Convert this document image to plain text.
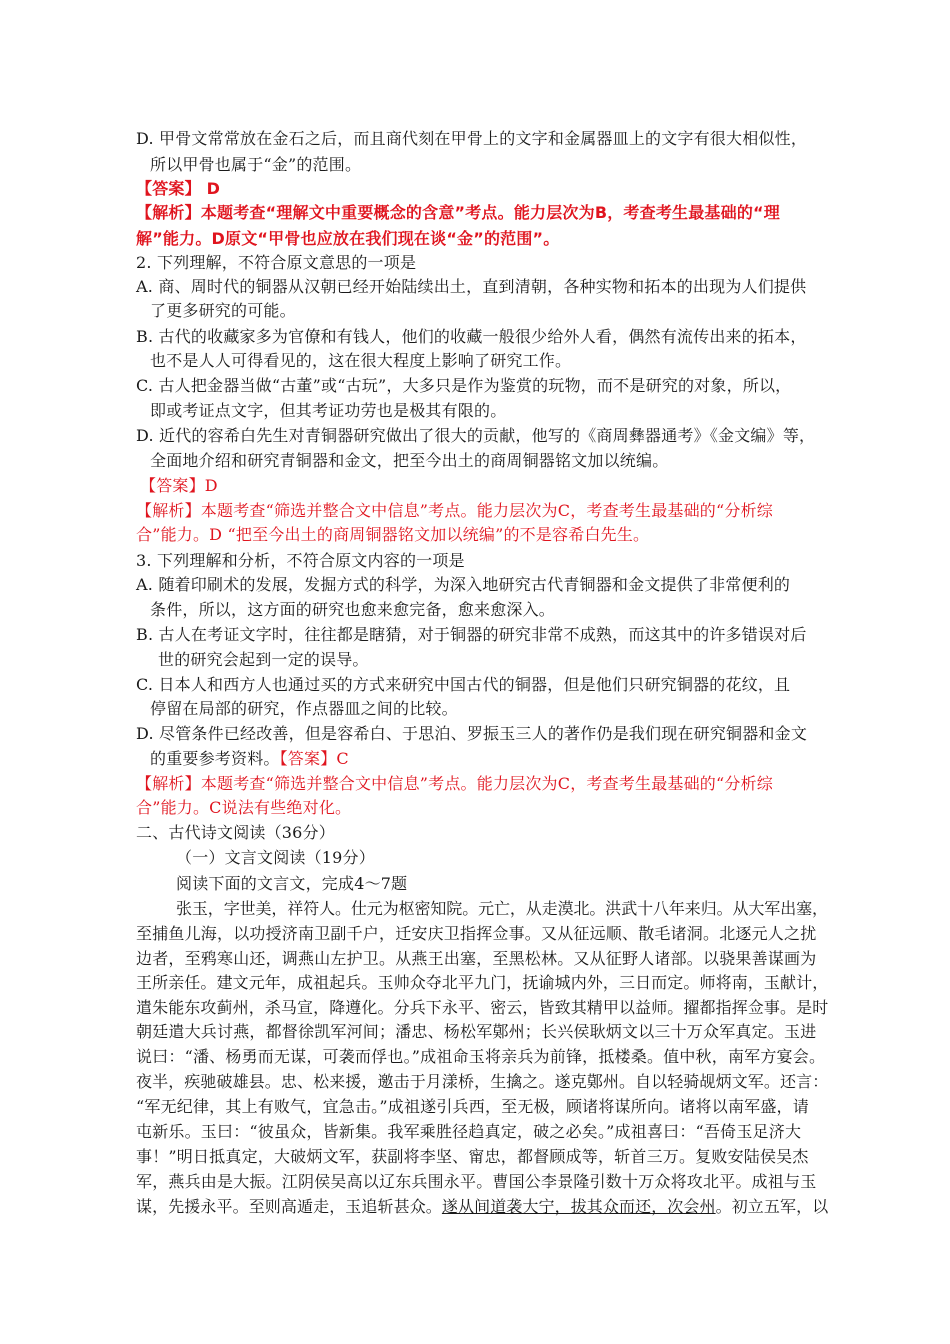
D. 甲骨文常常放在金石之后，而且商代刻在甲骨上的文字和金属器皿上的文字有很大相似性，
所以甲骨也属于“金”的范围。
【答案】 D
【解析】本题考查“理解文中重要概念的含意”考点。能力层次为B，考查考生最基础的“理
解”能力。D原文“甲骨也应放在我们现在谈“金”的范围”。
2. 下列理解，不符合原文意思的一项是
A. 商、周时代的铜器从汉朝已经开始陆续出土，直到清朝，各种实物和拓本的出现为人们提供
了更多研究的可能。
B. 古代的收藏家多为官僚和有钱人，他们的收藏一般很少给外人看，偶然有流传出来的拓本，
也不是人人可得看见的，这在很大程度上影响了研究工作。
C. 古人把金器当做“古董”或“古玩”，大多只是作为鉴赏的玩物，而不是研究的对象，所以，
即或考证点文字，但其考证功劳也是极其有限的。
D. 近代的容希白先生对青铜器研究做出了很大的贡献，他写的《商周彝器通考》《金文编》等，
全面地介绍和研究青铜器和金文，把至今出土的商周铜器铭文加以统编。
【答案】D
【解析】本题考查“筛选并整合文中信息”考点。能力层次为C，考查考生最基础的“分析综
合”能力。D “把至今出土的商周铜器铭文加以统编”的不是容希白先生。
3. 下列理解和分析，不符合原文内容的一项是
A. 随着印刷术的发展，发掘方式的科学，为深入地研究古代青铜器和金文提供了非常便利的
条件，所以，这方面的研究也愈来愈完备，愈来愈深入。
B. 古人在考证文字时，往往都是瞎猜，对于铜器的研究非常不成熟，而这其中的许多错误对后
世的研究会起到一定的误导。
C. 日本人和西方人也通过买的方式来研究中国古代的铜器，但是他们只研究铜器的花纹，且
停留在局部的研究，作点器皿之间的比较。
D. 尽管条件已经改善，但是容希白、于思泊、罗振玉三人的著作仍是我们现在研究铜器和金文
的重要参考资料。【答案】C
【解析】本题考查“筛选并整合文中信息”考点。能力层次为C，考查考生最基础的“分析综
合”能力。C说法有些绝对化。
二、古代诗文阅读（36分）
（一）文言文阅读（19分）
阅读下面的文言文，完成4～7题
张玉，字世美，祥符人。仕元为枢密知院。元亡，从走漠北。洪武十八年来归。从大军出塞，
至捕鱼儿海，以功授济南卫副千户，迁安庆卫指挥佥事。又从征远顺、散毛诸洞。北逐元人之扰
边者，至鸦寒山还，调燕山左护卫。从燕王出塞，至黑松林。又从征野人诸部。以骁果善谋画为
王所亲任。建文元年，成祖起兵。玉帅众夺北平九门，抚谕城内外，三日而定。师将南，玉献计，
遣朱能东攻蓟州，杀马宣，降遵化。分兵下永平、密云，皆致其精甲以益师。擢都指挥佥事。是时
朝廷遣大兵讨燕，都督徐凯军河间；潘忠、杨松军鄚州；长兴侯耿炳文以三十万众军真定。玉进
说曰：“潘、杨勇而无谋，可袭而俘也。”成祖命玉将亲兵为前锋，抵楼桑。值中秋，南军方宴会。
夜半，疾驰破雄县。忠、松来援，邀击于月漾桥，生擒之。遂克鄚州。自以轻骑觇炳文军。还言：
“军无纪律，其上有败气，宜急击。”成祖遂引兵西，至无极，顾诸将谋所向。诸将以南军盛，请
屯新乐。玉曰：“彼虽众，皆新集。我军乘胜径趋真定，破之必矣。”成祖喜曰：“吾倚玉足济大
事！”明日抵真定，大破炳文军，获副将李坚、甯忠，都督顾成等，斩首三万。复败安陆侯吴杰
军，燕兵由是大振。江阴侯吴高以辽东兵围永平。曹国公李景隆引数十万众将攻北平。成祖与玉
谋，先援永平。至则高遁走，玉追斩甚众。遂从间道袭大宁，拔其众而还，次会州。初立五军，以
